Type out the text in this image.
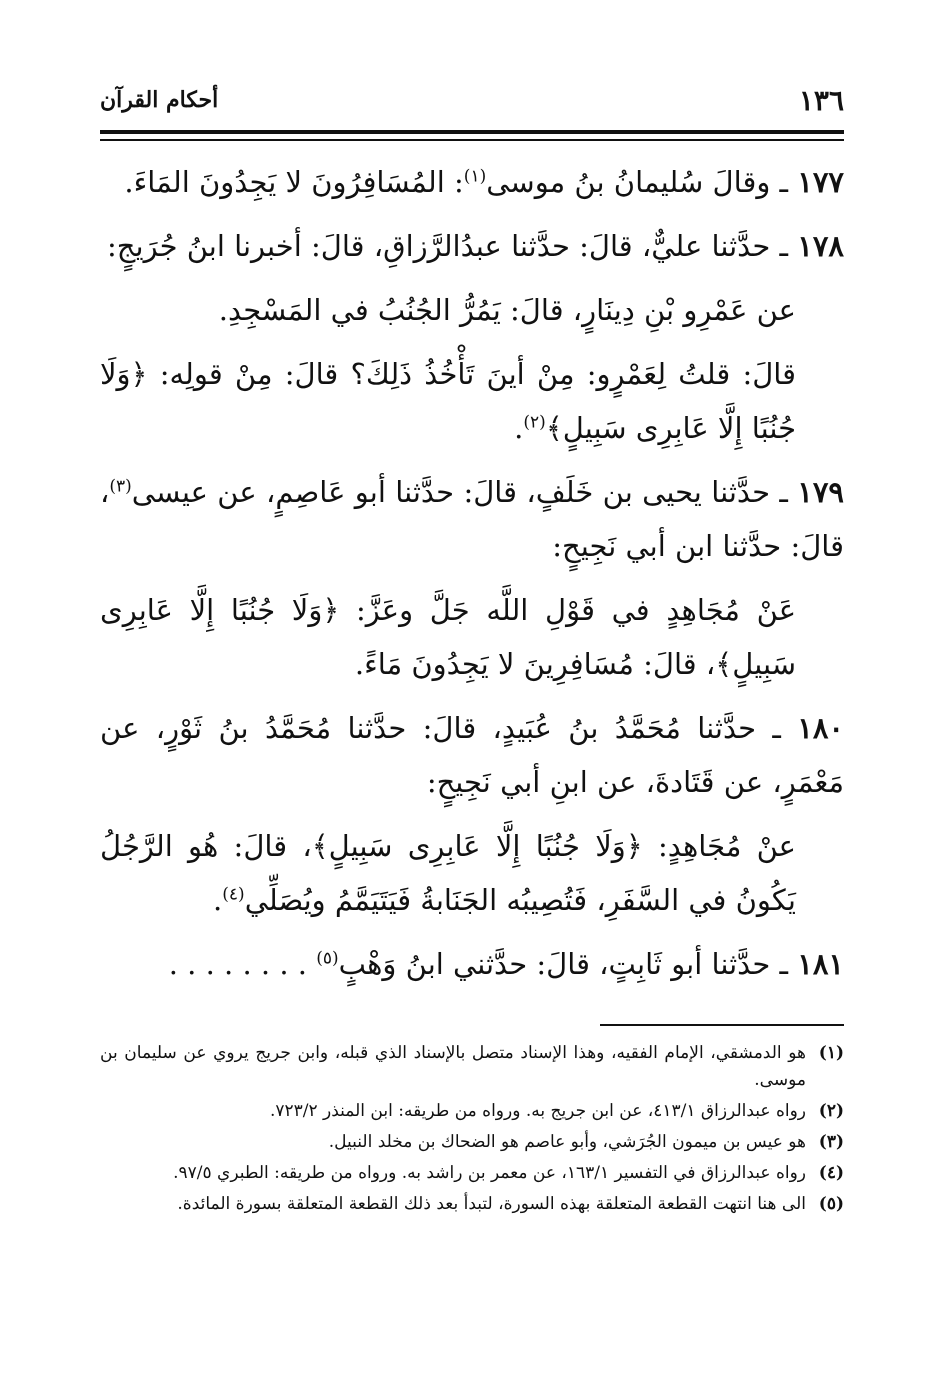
١٣٦
أحكام القرآن

١٧٧ ـ وقالَ سُليمانُ بنُ موسى$^{(١)}$: المُسَافِرُونَ لا يَجِدُونَ المَاءَ.

١٧٨ ـ حدَّثنا عليٌّ، قالَ: حدَّثنا عبدُالرَّزاقِ، قالَ: أخبرنا ابنُ جُرَيجٍ:

عن عَمْرِو بْنِ دِينَارٍ، قالَ: يَمُرُّ الجُنُبُ في المَسْجِدِ.

قالَ: قلتُ لِعَمْرٍو: مِنْ أينَ تَأْخُذُ ذَلِكَ؟ قالَ: مِنْ قولِه: ﴿وَلَا جُنُبًا إِلَّا عَابِرِى سَبِيلٍ﴾$^{(٢)}$.

١٧٩ ـ حدَّثنا يحيى بن خَلَفٍ، قالَ: حدَّثنا أبو عَاصِمٍ، عن عيسى$^{(٣)}$، قالَ: حدَّثنا ابن أبي نَجِيحٍ:

عَنْ مُجَاهِدٍ في قَوْلِ اللَّه جَلَّ وعَزَّ: ﴿وَلَا جُنُبًا إِلَّا عَابِرِى سَبِيلٍ﴾، قالَ: مُسَافِرِينَ لا يَجِدُونَ مَاءً.

١٨٠ ـ حدَّثنا مُحَمَّدُ بنُ عُبَيدٍ، قالَ: حدَّثنا مُحَمَّدُ بنُ ثَوْرٍ، عن مَعْمَرٍ، عن قَتَادةَ، عن ابنِ أبي نَجِيحٍ:

عنْ مُجَاهِدٍ: ﴿وَلَا جُنُبًا إِلَّا عَابِرِى سَبِيلٍ﴾، قالَ: هُو الرَّجُلُ يَكُونُ في السَّفَرِ، فَتُصِيبُه الجَنَابةُ فَيَتَيَمَّمُ ويُصَلِّي$^{(٤)}$.

١٨١ ـ حدَّثنا أبو ثَابِتٍ، قالَ: حدَّثني ابنُ وَهْبٍ$^{(٥)}$ . . . . . . . .

(١)
هو الدمشقي، الإمام الفقيه، وهذا الإسناد متصل بالإسناد الذي قبله، وابن جريج يروي عن سليمان بن موسى.
(٢)
رواه عبدالرزاق ٤١٣/١، عن ابن جريج به. ورواه من طريقه: ابن المنذر ٧٢٣/٢.
(٣)
هو عيس بن ميمون الجُرَشي، وأبو عاصم هو الضحاك بن مخلد النبيل.
(٤)
رواه عبدالرزاق في التفسير ١٦٣/١، عن معمر بن راشد به. ورواه من طريقه: الطبري ٩٧/٥.
(٥)
الى هنا انتهت القطعة المتعلقة بهذه السورة، لتبدأ بعد ذلك القطعة المتعلقة بسورة المائدة.
